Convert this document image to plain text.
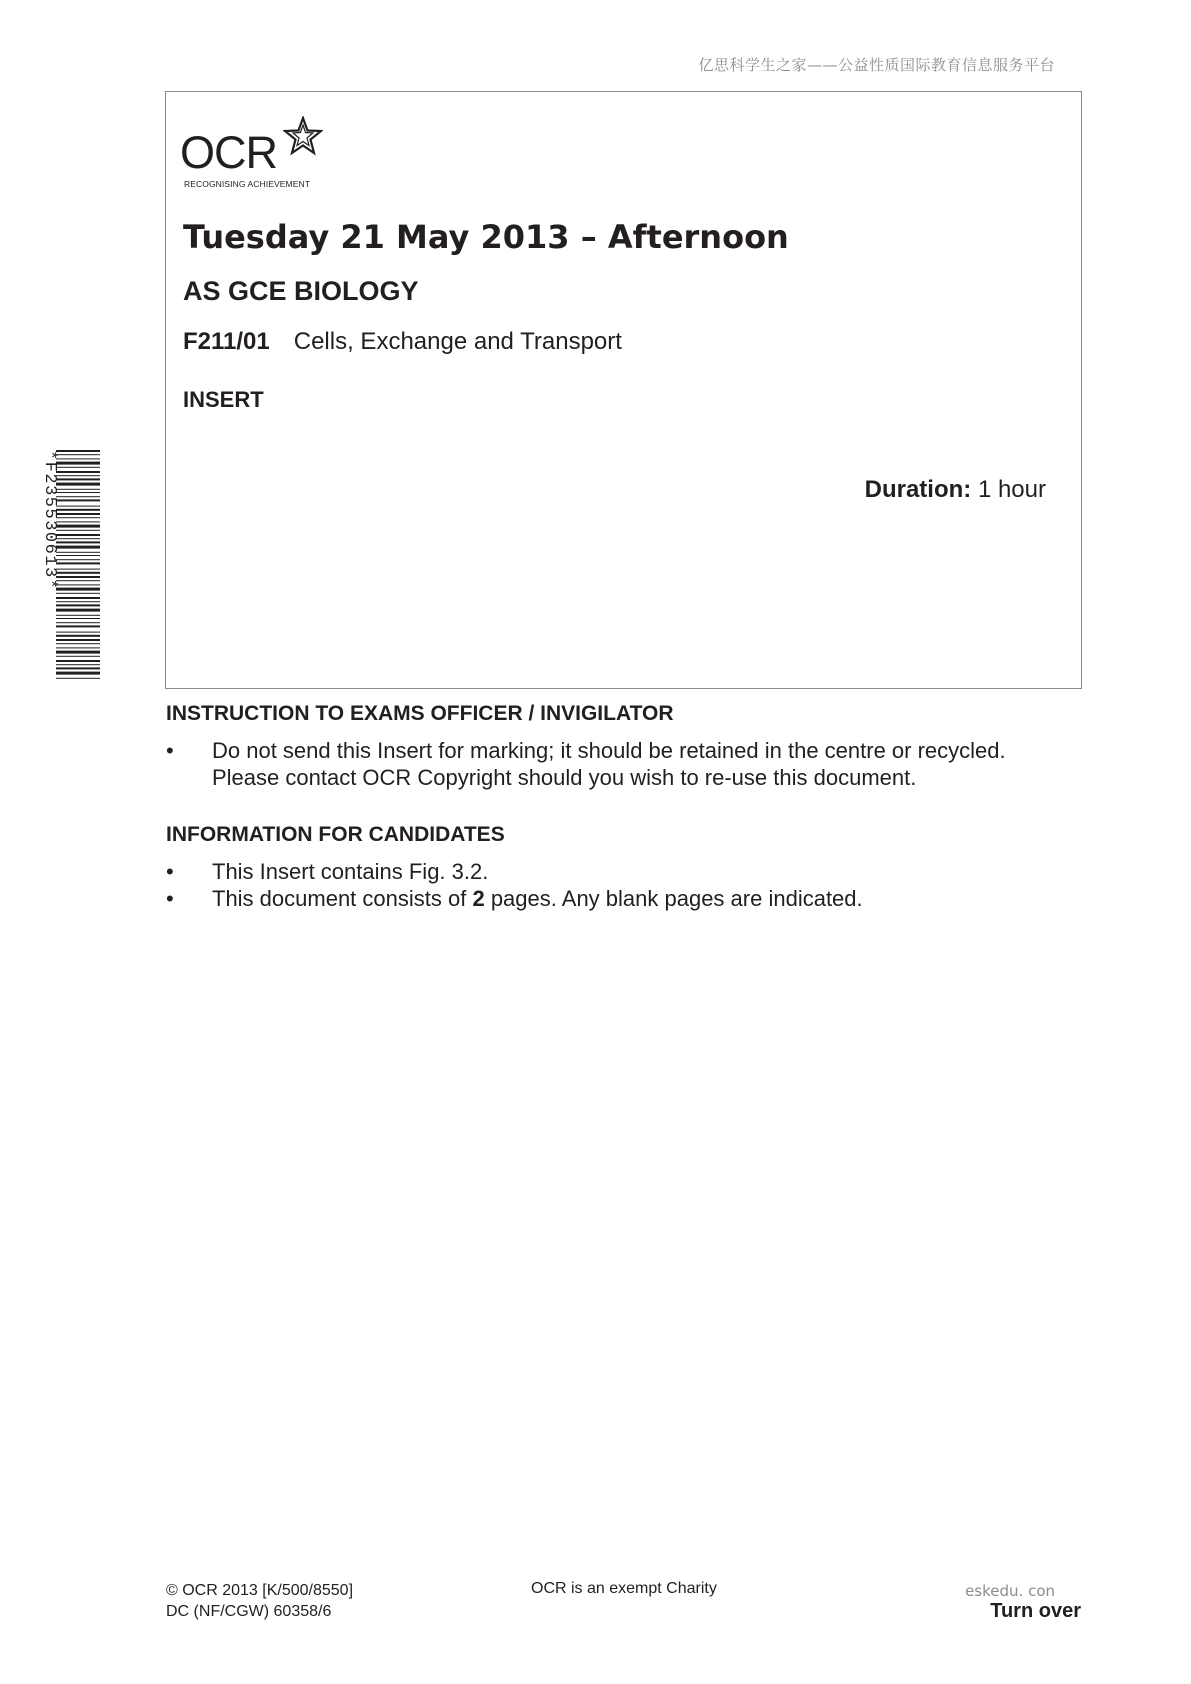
亿思科学生之家——公益性质国际教育信息服务平台
OCR
RECOGNISING ACHIEVEMENT
Tuesday 21 May 2013 – Afternoon
AS GCE BIOLOGY
F211/01 Cells, Exchange and Transport
INSERT
Duration: 1 hour
*F235530613*
INSTRUCTION TO EXAMS OFFICER / INVIGILATOR
•	Do not send this Insert for marking; it should be retained in the centre or recycled.
Please contact OCR Copyright should you wish to re-use this document.
INFORMATION FOR CANDIDATES
•	This Insert contains Fig. 3.2.
•	This document consists of 2 pages. Any blank pages are indicated.
© OCR 2013 [K/500/8550]
DC (NF/CGW) 60358/6
OCR is an exempt Charity	eskedu. con
Turn over
